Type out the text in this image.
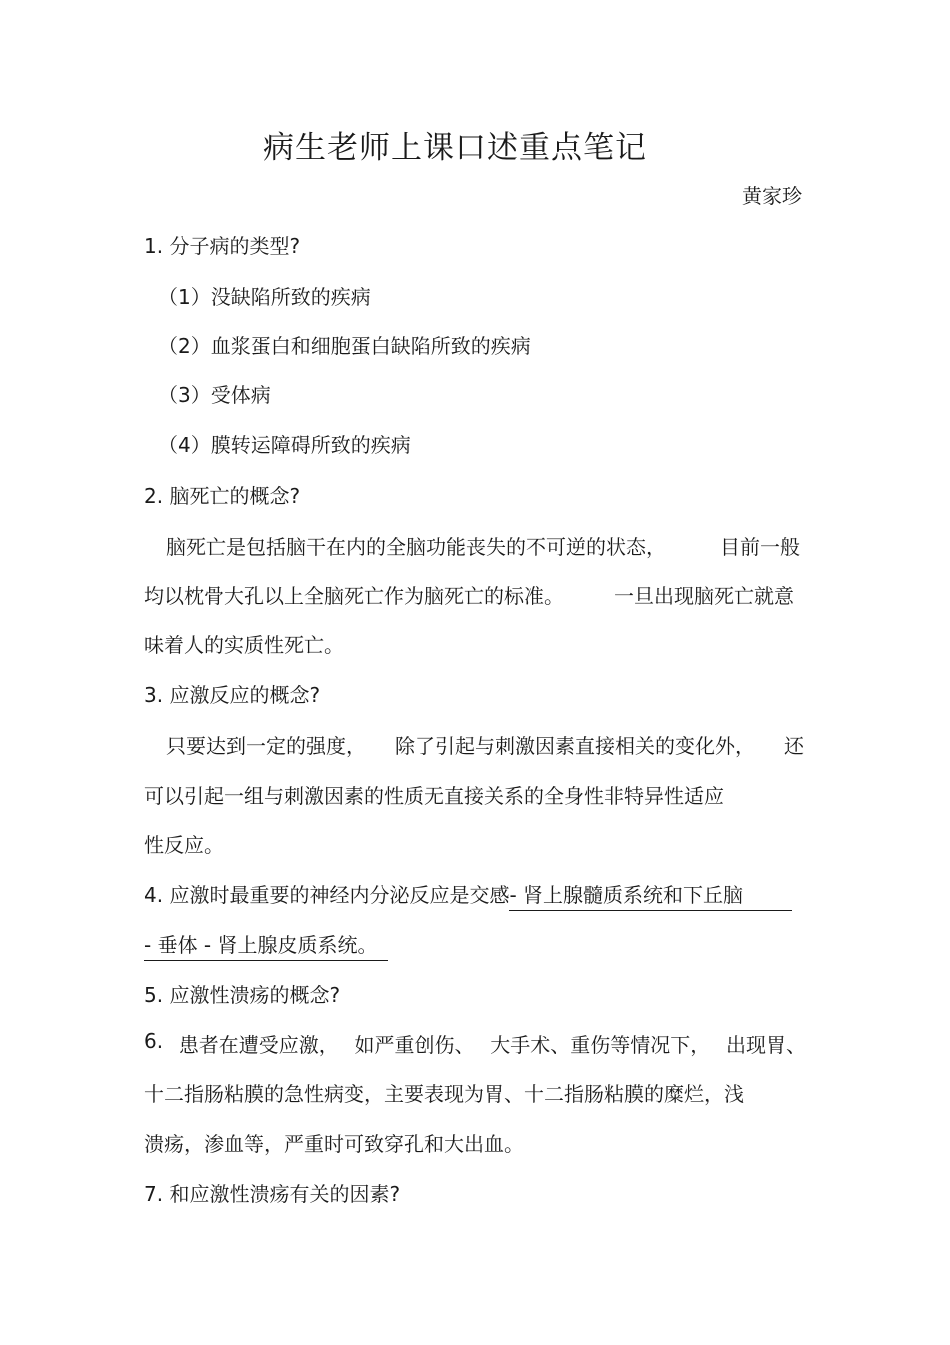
病生老师上课口述重点笔记
黄家珍
1. 分子病的类型?
（1）没缺陷所致的疾病
（2）血浆蛋白和细胞蛋白缺陷所致的疾病
（3）受体病
（4）膜转运障碍所致的疾病
2. 脑死亡的概念?
脑死亡是包括脑干在内的全脑功能丧失的不可逆的状态，	目前一般
均以枕骨大孔以上全脑死亡作为脑死亡的标准。	一旦出现脑死亡就意
味着人的实质性死亡。
3. 应激反应的概念?
只要达到一定的强度， 除了引起与刺激因素直接相关的变化外， 还
可以引起一组与刺激因素的性质无直接关系的全身性非特异性适应
性反应。
4. 应激时最重要的神经内分泌反应是交感- 肾上腺髓质系统和下丘脑
- 垂体 - 肾上腺皮质系统。
5. 应激性溃疡的概念?
6. 患者在遭受应激， 如严重创伤、 大手术、重伤等情况下， 出现胃、
十二指肠粘膜的急性病变，主要表现为胃、十二指肠粘膜的糜烂，浅
溃疡，渗血等，严重时可致穿孔和大出血。
7. 和应激性溃疡有关的因素?
